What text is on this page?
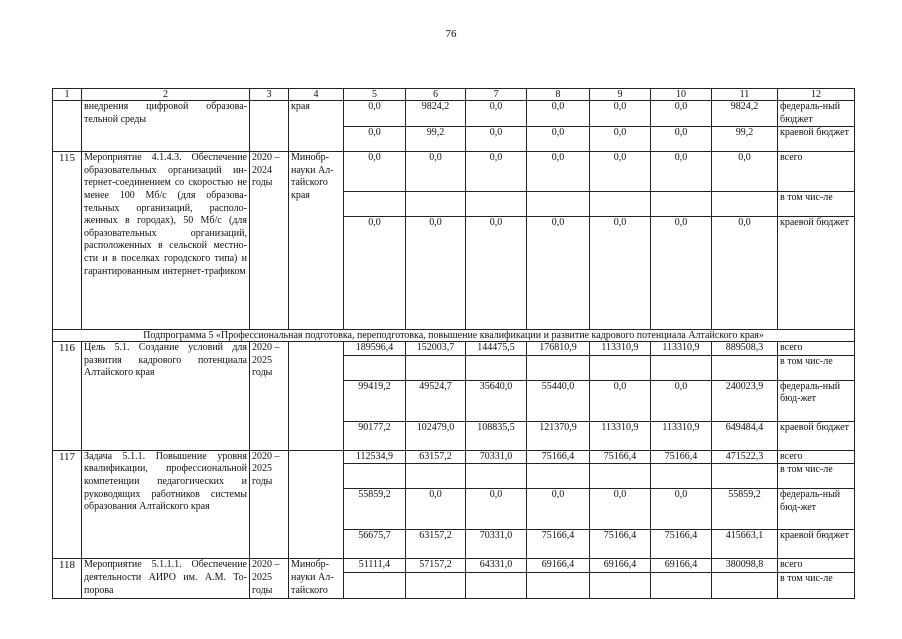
76
1	2	3	4	5	6	7	8	9	10	11	12
	внедрения цифровой образова-тельной среды		края	0,0	9824,2	0,0	0,0	0,0	0,0	9824,2	федераль-ный бюджет
				0,0	99,2	0,0	0,0	0,0	0,0	99,2	краевой бюджет
115	Мероприятие 4.1.4.3. Обеспечение образовательных организаций ин-тернет-соединением со скоростью не менее 100 Мб/с (для образова-тельных организаций, располо-женных в городах), 50 Мб/с (для образовательных организаций, расположенных в сельской местно-сти и в поселках городского типа) и гарантированным интернет-трафиком	2020 – 2024 годы	Минобр-науки Ал-тайского края	0,0	0,0	0,0	0,0	0,0	0,0	0,0	всего
											в том чис-ле
				0,0	0,0	0,0	0,0	0,0	0,0	0,0	краевой бюджет
Подпрограмма 5 «Профессиональная подготовка, переподготовка, повышение квалификации и развитие кадрового потенциала Алтайского края»											
116	Цель 5.1. Создание условий для развития кадрового потенциала Алтайского края	2020 – 2025 годы		189596,4	152003,7	144475,5	176810,9	113310,9	113310,9	889508,3	всего
											в том чис-ле
				99419,2	49524,7	35640,0	55440,0	0,0	0,0	240023,9	федераль-ный бюд-жет
				90177,2	102479,0	108835,5	121370,9	113310,9	113310,9	649484,4	краевой бюджет
117	Задача 5.1.1. Повышение уровня квалификации, профессиональной компетенции педагогических и руководящих работников системы образования Алтайского края	2020 – 2025 годы		112534,9	63157,2	70331,0	75166,4	75166,4	75166,4	471522,3	всего
											в том чис-ле
				55859,2	0,0	0,0	0,0	0,0	0,0	55859,2	федераль-ный бюд-жет
				56675,7	63157,2	70331,0	75166,4	75166,4	75166,4	415663,1	краевой бюджет
118	Мероприятие 5.1.1.1. Обеспечение деятельности АИРО им. А.М. То-порова	2020 – 2025 годы	Минобр-науки Ал-тайского	51111,4	57157,2	64331,0	69166,4	69166,4	69166,4	380098,8	всего
											в том чис-ле
